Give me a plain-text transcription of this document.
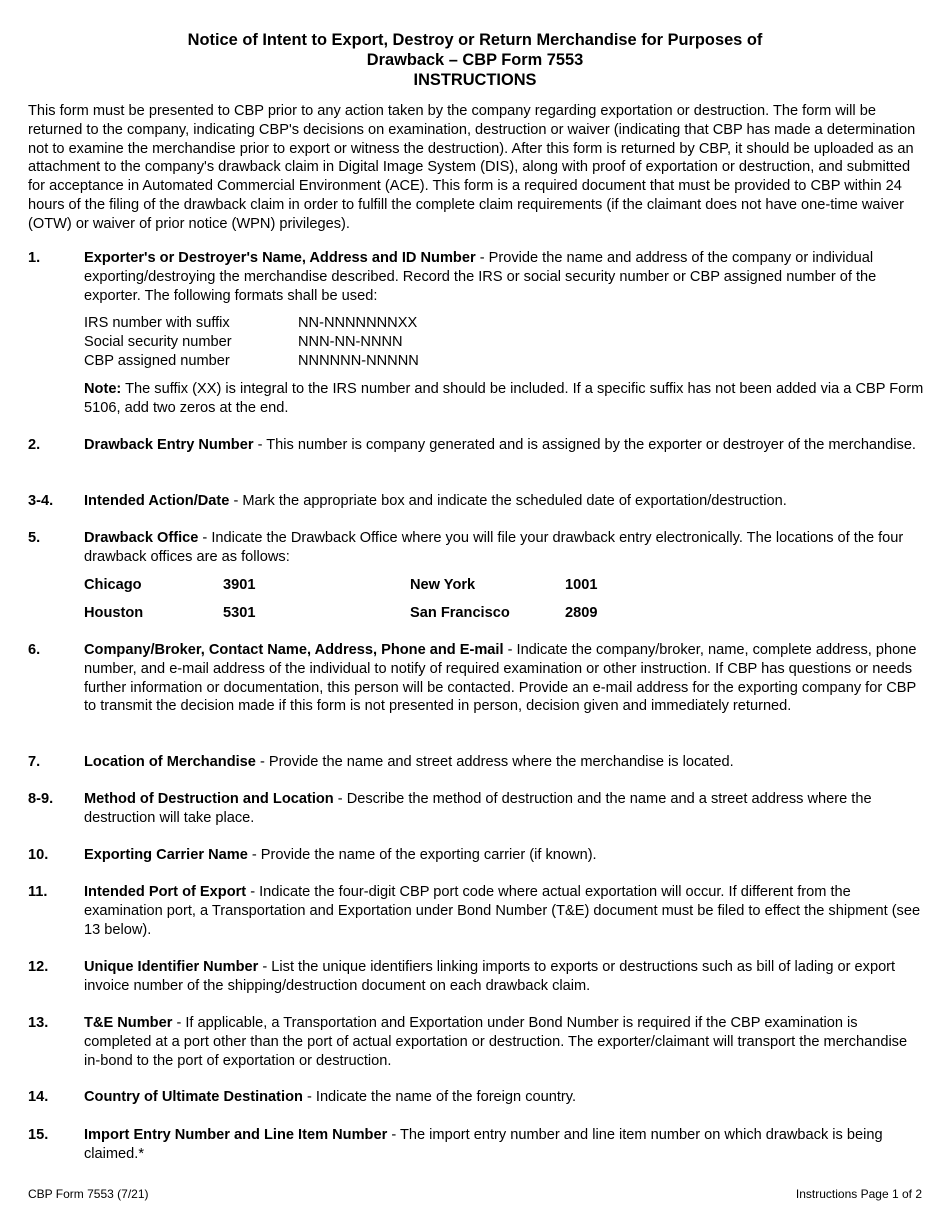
Notice of Intent to Export, Destroy or Return Merchandise for Purposes of
Drawback – CBP Form 7553
INSTRUCTIONS
This form must be presented to CBP prior to any action taken by the company regarding exportation or destruction. The form will be returned to the company, indicating CBP's decisions on examination, destruction or waiver (indicating that CBP has made a determination not to examine the merchandise prior to export or witness the destruction). After this form is returned by CBP, it should be uploaded as an attachment to the company's drawback claim in Digital Image System (DIS), along with proof of exportation or destruction, and submitted for acceptance in Automated Commercial Environment (ACE). This form is a required document that must be provided to CBP within 24 hours of the filing of the drawback claim in order to fulfill the complete claim requirements (if the claimant does not have one-time waiver (OTW) or waiver of prior notice (WPN) privileges).
1.	Exporter's or Destroyer's Name, Address and ID Number - Provide the name and address of the company or individual exporting/destroying the merchandise described. Record the IRS or social security number or CBP assigned number of the exporter. The following formats shall be used:
IRS number with suffix	NN-NNNNNNNXX
Social security number	NNN-NN-NNNN
CBP assigned number	NNNNNN-NNNNN
Note: The suffix (XX) is integral to the IRS number and should be included. If a specific suffix has not been added via a CBP Form 5106, add two zeros at the end.
2.	Drawback Entry Number - This number is company generated and is assigned by the exporter or destroyer of the merchandise.
3-4. Intended Action/Date - Mark the appropriate box and indicate the scheduled date of exportation/destruction.
5.	Drawback Office - Indicate the Drawback Office where you will file your drawback entry electronically. The locations of the four drawback offices are as follows:
Chicago	3901	New York	1001
Houston	5301	San Francisco	2809
6.	Company/Broker, Contact Name, Address, Phone and E-mail - Indicate the company/broker, name, complete address, phone number, and e-mail address of the individual to notify of required examination or other instruction. If CBP has questions or needs further information or documentation, this person will be contacted. Provide an e-mail address for the exporting company for CBP to transmit the decision made if this form is not presented in person, decision given and immediately returned.
7.	Location of Merchandise - Provide the name and street address where the merchandise is located.
8-9. Method of Destruction and Location - Describe the method of destruction and the name and a street address where the destruction will take place.
10. Exporting Carrier Name - Provide the name of the exporting carrier (if known).
11.	Intended Port of Export - Indicate the four-digit CBP port code where actual exportation will occur. If different from the examination port, a Transportation and Exportation under Bond Number (T&E) document must be filed to effect the shipment (see 13 below).
12. Unique Identifier Number - List the unique identifiers linking imports to exports or destructions such as bill of lading or export invoice number of the shipping/destruction document on each drawback claim.
13. T&E Number - If applicable, a Transportation and Exportation under Bond Number is required if the CBP examination is completed at a port other than the port of actual exportation or destruction. The exporter/claimant will transport the merchandise in-bond to the port of exportation or destruction.
14. Country of Ultimate Destination - Indicate the name of the foreign country.
15. Import Entry Number and Line Item Number - The import entry number and line item number on which drawback is being claimed.*
CBP Form 7553 (7/21)	Instructions Page 1 of 2
